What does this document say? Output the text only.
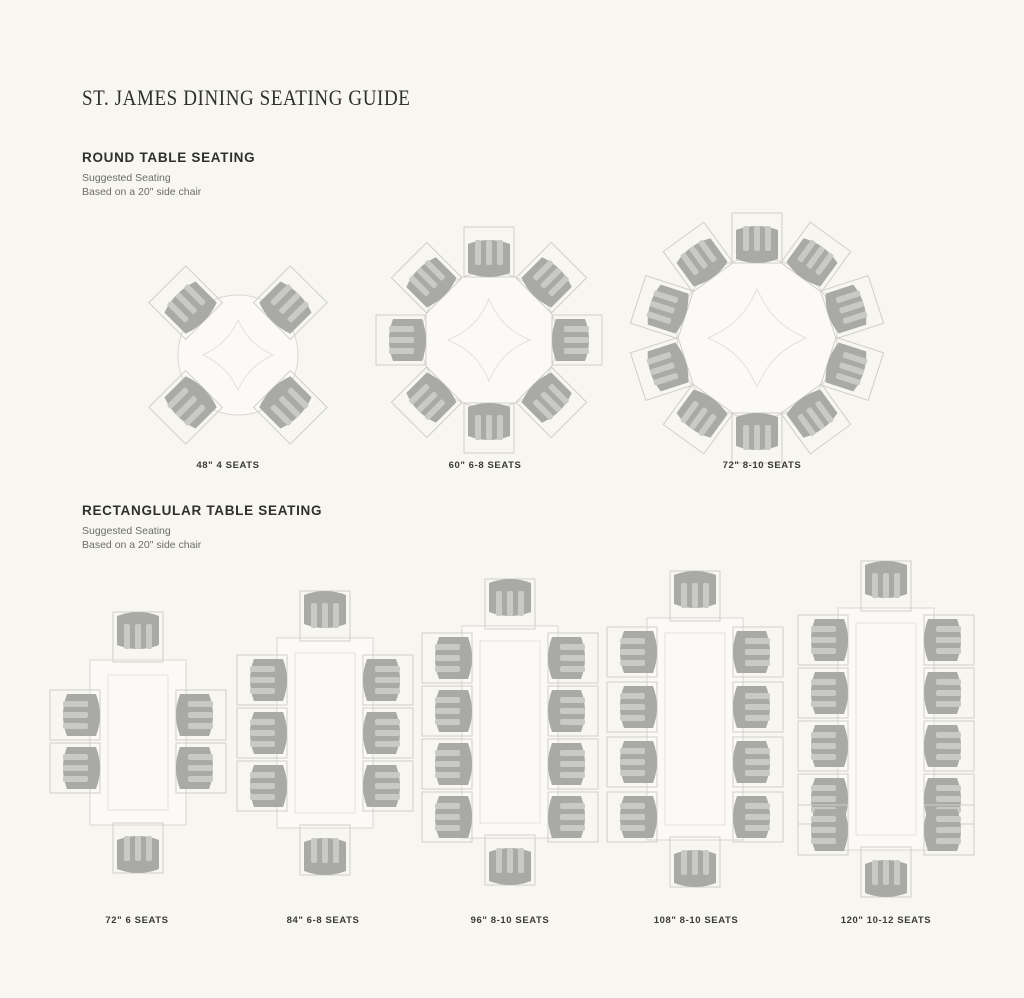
ST. JAMES DINING SEATING GUIDE
ROUND TABLE SEATING
Suggested Seating
Based on a 20" side chair
48" 4 SEATS	60" 6-8 SEATS	72" 8-10 SEATS
RECTANGLULAR TABLE SEATING
Suggested Seating
Based on a 20" side chair
72" 6 SEATS	84" 6-8 SEATS	96" 8-10 SEATS	108" 8-10 SEATS	120" 10-12 SEATS
